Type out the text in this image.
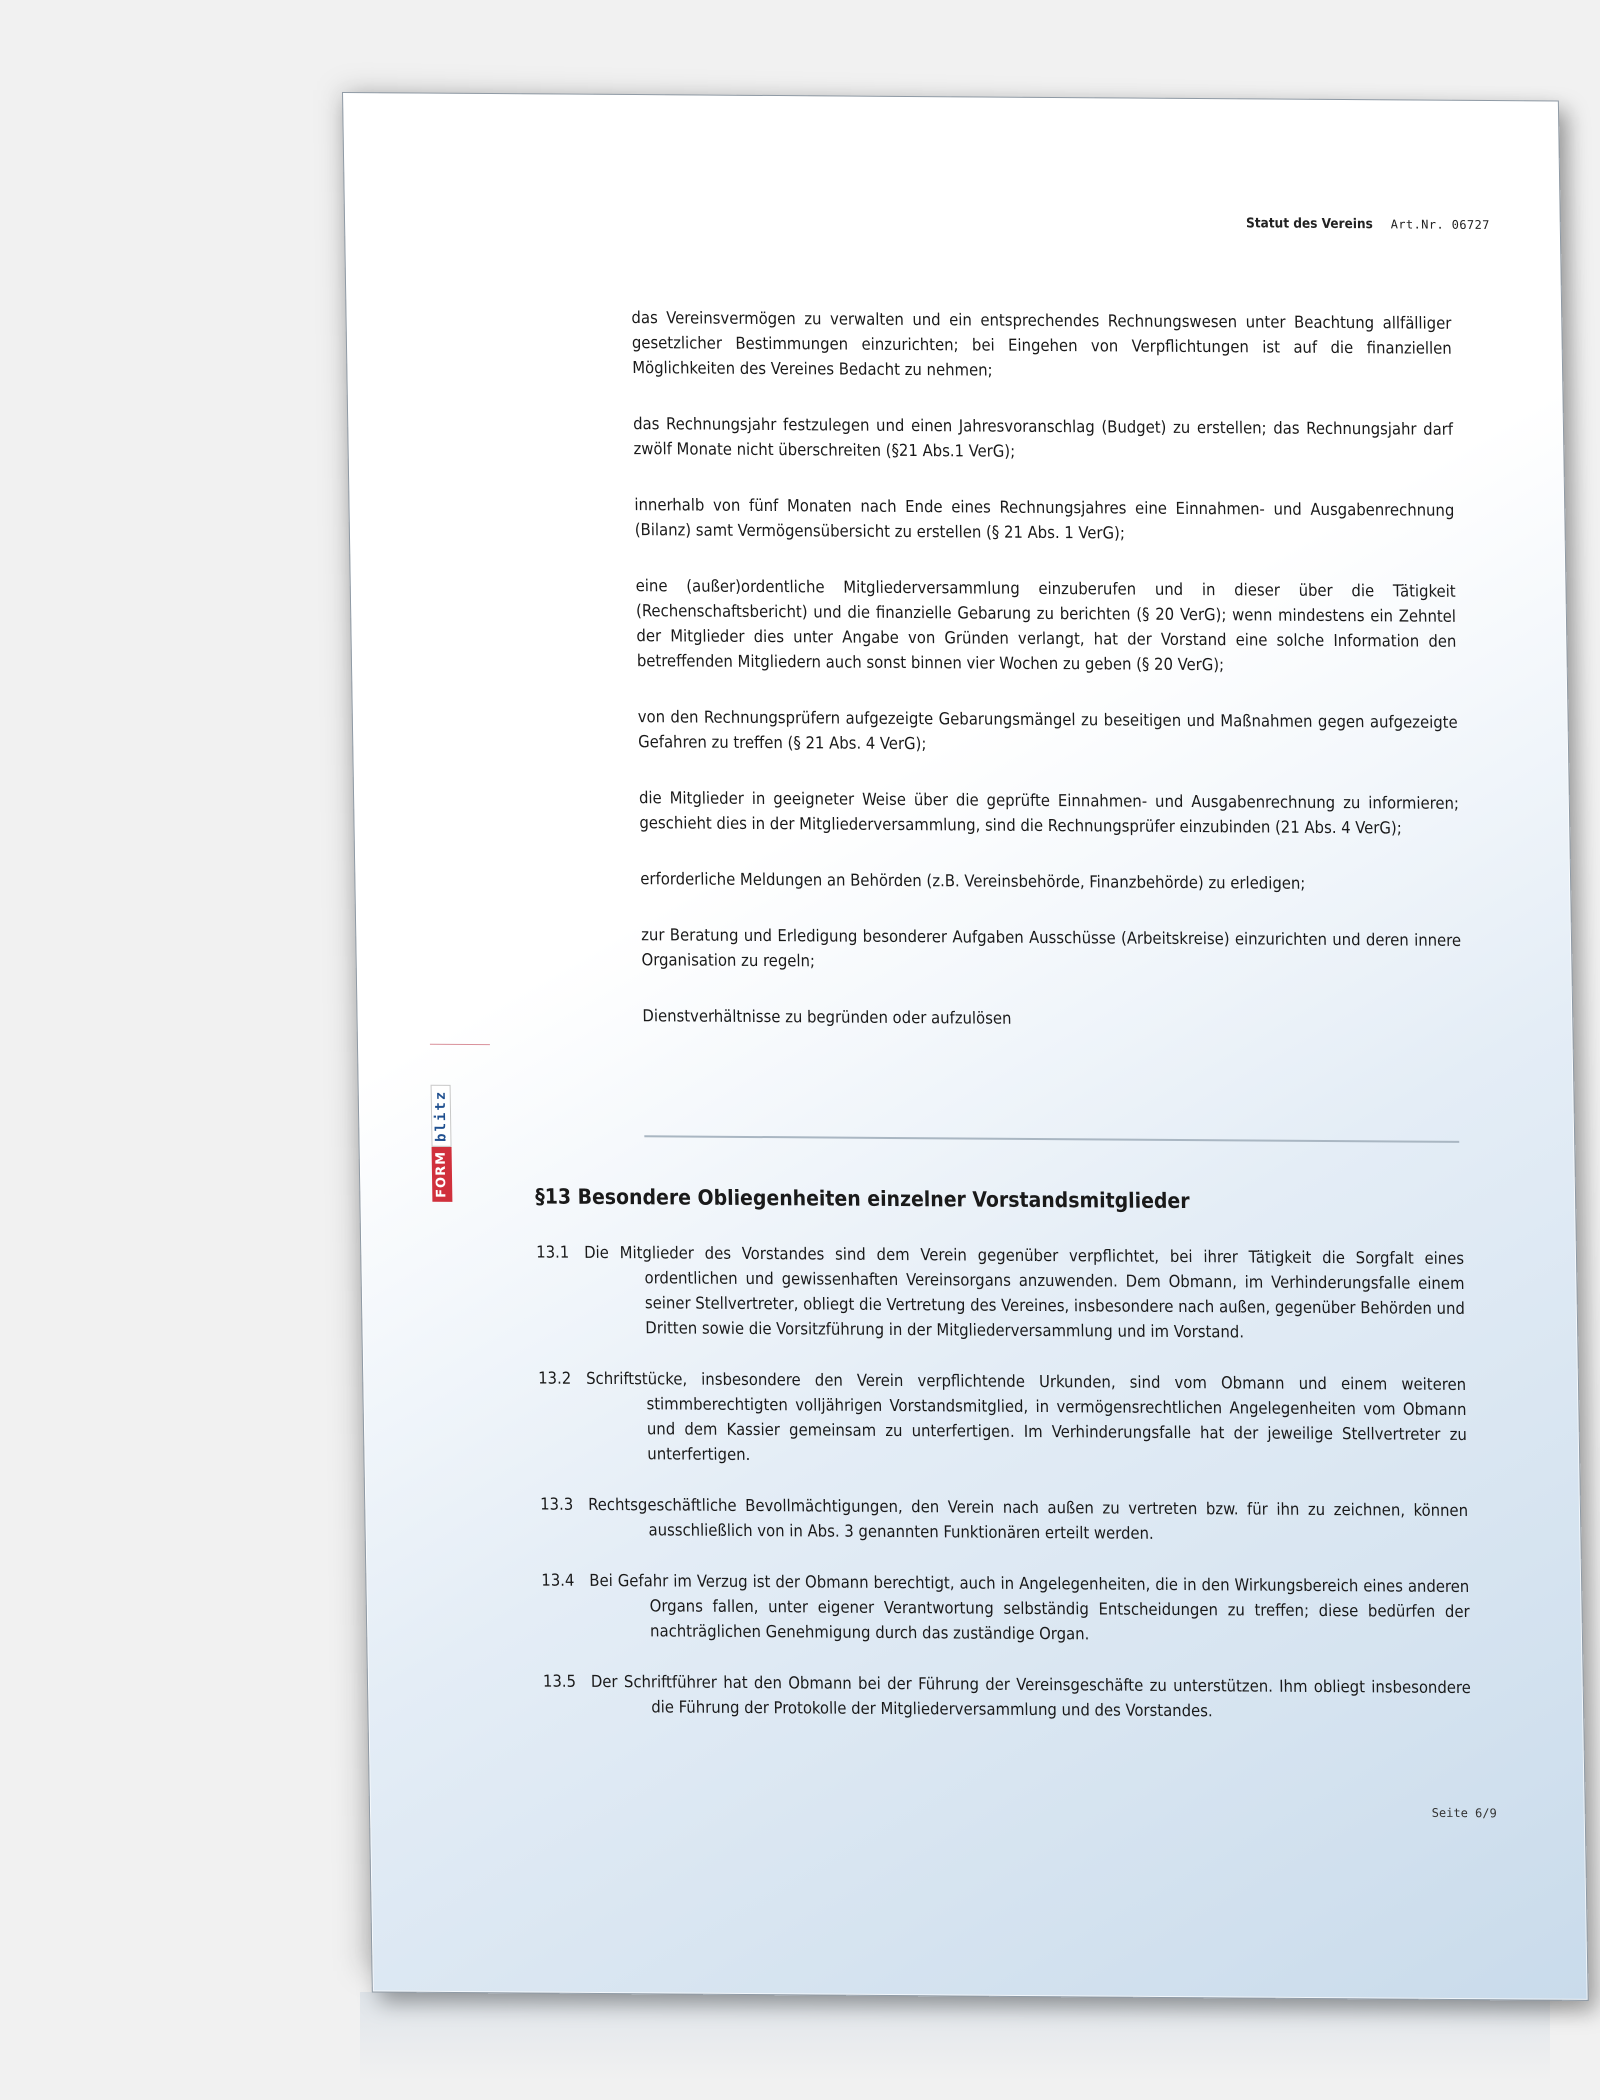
Statut des Vereins Art.Nr. 06727
FORM
blitz

das Vereinsvermögen zu verwalten und ein entsprechendes Rechnungswesen unter Beachtung allfälliger gesetzlicher Bestimmungen einzurichten; bei Eingehen von Verpflichtungen ist auf die finanziellen Möglichkeiten des Vereines Bedacht zu nehmen;

das Rechnungsjahr festzulegen und einen Jahresvoranschlag (Budget) zu erstellen; das Rechnungsjahr darf zwölf Monate nicht überschreiten (§21 Abs.1 VerG);

innerhalb von fünf Monaten nach Ende eines Rechnungsjahres eine Einnahmen- und Ausgabenrechnung (Bilanz) samt Vermögensübersicht zu erstellen (§ 21 Abs. 1 VerG);

eine (außer)ordentliche Mitgliederversammlung einzuberufen und in dieser über die Tätigkeit (Rechenschaftsbericht) und die finanzielle Gebarung zu berichten (§ 20 VerG); wenn mindestens ein Zehntel der Mitglieder dies unter Angabe von Gründen verlangt, hat der Vorstand eine solche Information den betreffenden Mitgliedern auch sonst binnen vier Wochen zu geben (§ 20 VerG);

von den Rechnungsprüfern aufgezeigte Gebarungsmängel zu beseitigen und Maßnahmen gegen aufgezeigte Gefahren zu treffen (§ 21 Abs. 4 VerG);

die Mitglieder in geeigneter Weise über die geprüfte Einnahmen- und Ausgabenrechnung zu informieren; geschieht dies in der Mitgliederversammlung, sind die Rechnungsprüfer einzubinden (21 Abs. 4 VerG);

erforderliche Meldungen an Behörden (z.B. Vereinsbehörde, Finanzbehörde) zu erledigen;

zur Beratung und Erledigung besonderer Aufgaben Ausschüsse (Arbeitskreise) einzurichten und deren innere Organisation zu regeln;

Dienstverhältnisse zu begründen oder aufzulösen

§13 Besondere Obliegenheiten einzelner Vorstandsmitglieder
13.1 Die Mitglieder des Vorstandes sind dem Verein gegenüber verpflichtet, bei ihrer Tätigkeit die Sorgfalt eines ordentlichen und gewissenhaften Vereinsorgans anzuwenden. Dem Obmann, im Verhinderungsfalle einem seiner Stellvertreter, obliegt die Vertretung des Vereines, insbesondere nach außen, gegenüber Behörden und Dritten sowie die Vorsitzführung in der Mitgliederversammlung und im Vorstand.
13.2 Schriftstücke, insbesondere den Verein verpflichtende Urkunden, sind vom Obmann und einem weiteren stimmberechtigten volljährigen Vorstandsmitglied, in vermögensrechtlichen Angelegenheiten vom Obmann und dem Kassier gemeinsam zu unterfertigen. Im Verhinderungsfalle hat der jeweilige Stellvertreter zu unterfertigen.
13.3 Rechtsgeschäftliche Bevollmächtigungen, den Verein nach außen zu vertreten bzw. für ihn zu zeichnen, können ausschließlich von in Abs. 3 genannten Funktionären erteilt werden.
13.4 Bei Gefahr im Verzug ist der Obmann berechtigt, auch in Angelegenheiten, die in den Wirkungsbereich eines anderen Organs fallen, unter eigener Verantwortung selbständig Entscheidungen zu treffen; diese bedürfen der nachträglichen Genehmigung durch das zuständige Organ.
13.5 Der Schriftführer hat den Obmann bei der Führung der Vereinsgeschäfte zu unterstützen. Ihm obliegt insbesondere die Führung der Protokolle der Mitgliederversammlung und des Vorstandes.
Seite 6/9
